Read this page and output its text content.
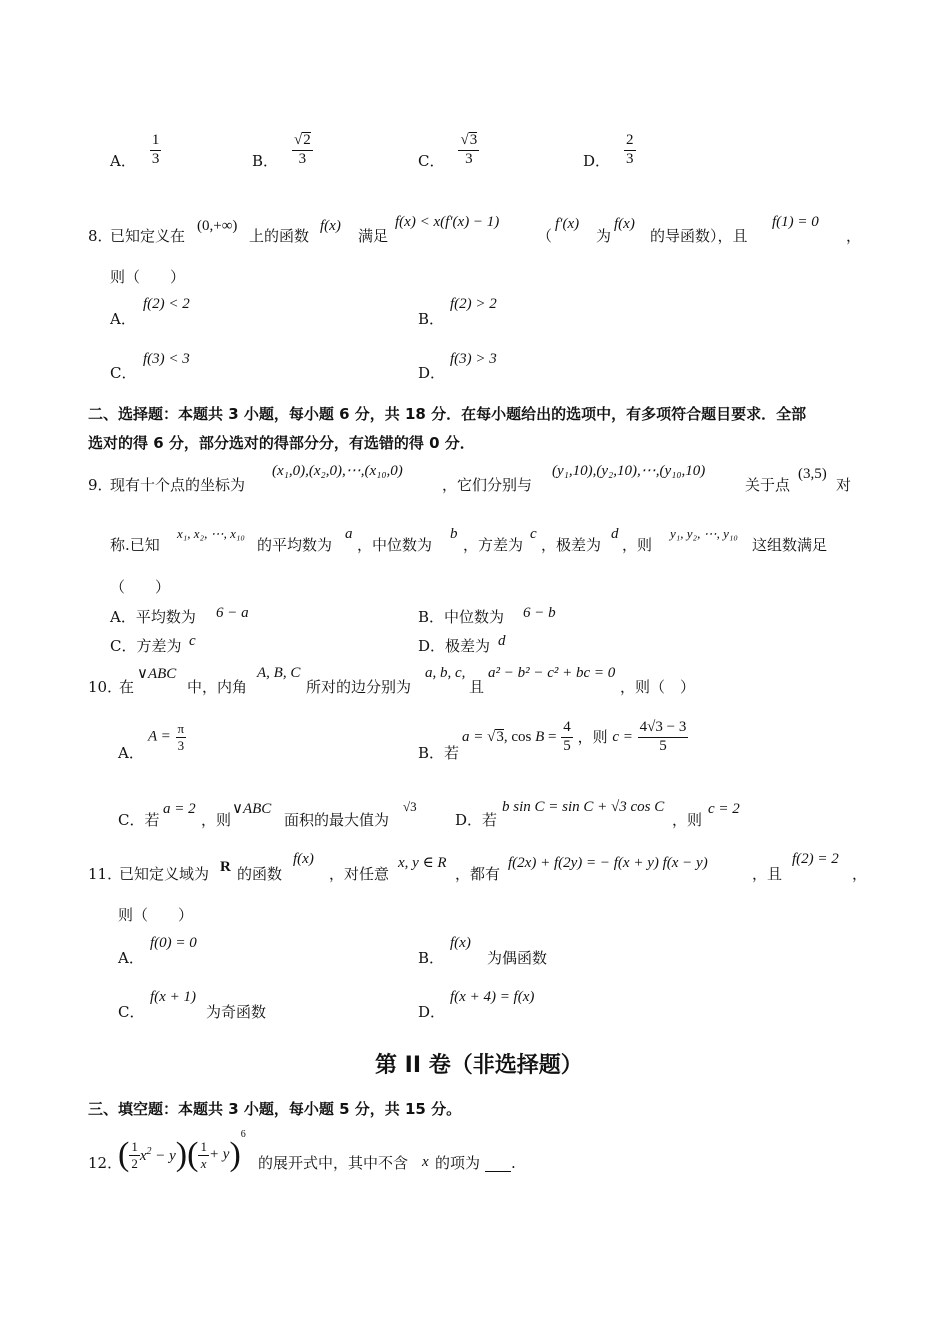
A． $\frac{1}{3}$	B． $\frac{√2}{3}$	C． $\frac{√3}{3}$	D． $\frac{2}{3}$
8．
已知定义在
(0,+∞)
上的函数
f(x)
满足
f(x) < x(f′(x) − 1)
（
f′(x)
为
f(x)
的导函数），且
f(1) = 0
，
则（　　）
A．
f(2) < 2
B．
f(2) > 2
C．
f(3) < 3
D．
f(3) > 3
二、选择题：本题共 3 小题，每小题 6 分，共 18 分．在每小题给出的选项中，有多项符合题目要求．全部
选对的得 6 分，部分选对的得部分分，有选错的得 0 分．
9．
现有十个点的坐标为
(x₁,0),(x₂,0),⋯,(x₁₀,0)
，它们分别与
(y₁,10),(y₂,10),⋯,(y₁₀,10)
关于点
(3,5)
对
称.已知
x₁, x₂, ⋯, x₁₀
的平均数为
a
，中位数为
b
，方差为
c
，极差为
d
，则
y₁, y₂, ⋯, y₁₀
这组数满足
（　　）
A．平均数为 6 − a	B．中位数为 6 − b
C．方差为 c	D．极差为 d
10．
在
∨ABC
中，内角
A, B, C
所对的边分别为
a, b, c,
且
a² − b² − c² + bc = 0
，则（　）
A．
$A = \frac{\pi}{3}$
B．若
a = √3, $\cos B = \frac{4}{5}$ ，则 $c = \frac{4√3 - 3}{5}$
C．若
a = 2
，则
∨ABC
面积的最大值为
√3
D．若
b sin C = sin C + √3 cos C
，则
c = 2
11．
已知定义域为 R 的函数
f(x)
，对任意
x, y ∈ R
，都有
f(2x) + f(2y) = − f(x + y) f(x − y)
，且
f(2) = 2
，
则（　　）
A．
f(0) = 0
B．
f(x)
为偶函数
C．
f(x + 1)
为奇函数	D．
f(x + 4) = f(x)
第 II 卷（非选择题）
三、填空题：本题共 3 小题，每小题 5 分，共 15 分。
12．
( $\frac{1}{2} x^2 - y)( \frac{1}{x} + y)^6$
的展开式中，其中不含 x 的项为	.
